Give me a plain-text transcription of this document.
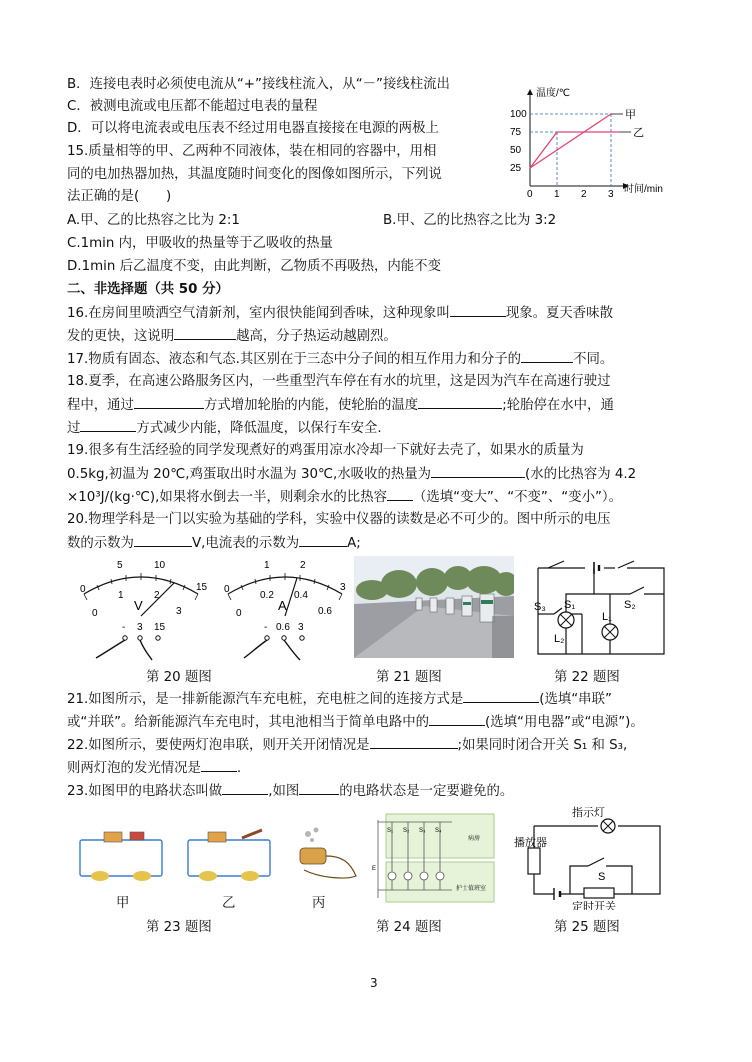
B．连接电表时必须使电流从“+”接线柱流入，从“－”接线柱流出
C．被测电流或电压都不能超过电表的量程
D．可以将电流表或电压表不经过用电器直接接在电源的两极上
15.质量相等的甲、乙两种不同液体，装在相同的容器中，用相
同的电加热器加热，其温度随时间变化的图像如图所示，下列说
法正确的是(　　)
A.甲、乙的比热容之比为 2:1	B.甲、乙的比热容之比为 3:2
C.1min 内，甲吸收的热量等于乙吸收的热量
D.1min 后乙温度不变，由此判断，乙物质不再吸热，内能不变
二、非选择题（共 50 分）
16.在房间里喷洒空气清新剂，室内很快能闻到香味，这种现象叫	现象。夏天香味散
发的更快，这说明	越高，分子热运动越剧烈。
17.物质有固态、液态和气态.其区别在于三态中分子间的相互作用力和分子的	不同。
18.夏季，在高速公路服务区内，一些重型汽车停在有水的坑里，这是因为汽车在高速行驶过
程中，通过	方式增加轮胎的内能，使轮胎的温度	;轮胎停在水中，通
过	方式减少内能，降低温度，以保行车安全.
19.很多有生活经验的同学发现煮好的鸡蛋用凉水冷却一下就好去壳了，如果水的质量为
0.5kg,初温为 20℃,鸡蛋取出时水温为 30℃,水吸收的热量为	(水的比热容为 4.2
×10³J/(kg·℃),如果将水倒去一半，则剩余水的比热容 （选填“变大”、“不变”、“变小”）。
20.物理学科是一门以实验为基础的学科，实验中仪器的读数是必不可少的。图中所示的电压
数的示数为	V,电流表的示数为	A;
21.如图所示，是一排新能源汽车充电桩，充电桩之间的连接方式是	(选填“串联”
或“并联”。给新能源汽车充电时，其电池相当于简单电路中的	(选填“用电器”或“电源”)。
22.如图所示，要使两灯泡串联，则开关开闭情况是	;如果同时闭合开关 S₁ 和 S₃,
则两灯泡的发光情况是	.
23.如图甲的电路状态叫做	,如图	的电路状态是一定要避免的。
温度/℃
时间/min
0 1 2 3
25
50
75
100	甲
乙
5	10
15
0
0
1	2
3
V
- 3 15
1	2
3
0
0
0.2 0.4
0.6
A
- 0.6 3
S₁	S₂
S₃
L₁
L₂
第 20 题图	第 21 题图	第 22 题图
甲	乙	丙
S₁ S₂ S₃ S₄
病房
护士值班室
E
指示灯
播放器
S
定时开关
第 23 题图	第 24 题图	第 25 题图
3
